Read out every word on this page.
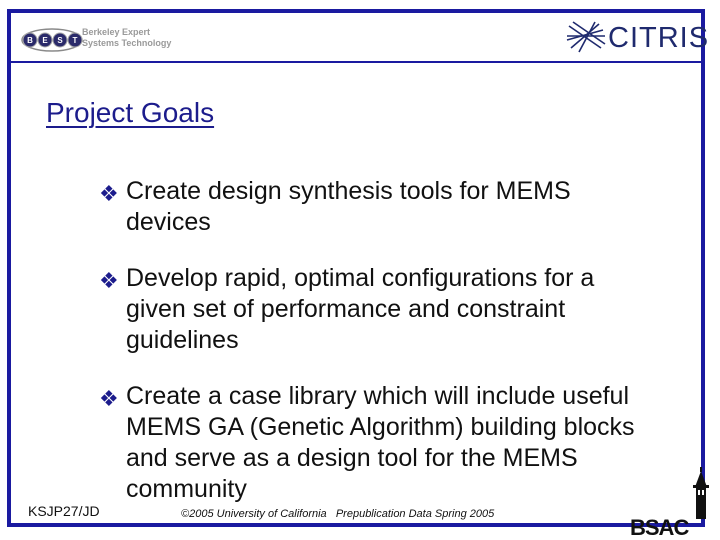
B E S T
Berkeley Expert
Systems Technology	CITRIS
Project Goals
❖ Create design synthesis tools for MEMS devices
❖ Develop rapid, optimal configurations for a given set of performance and constraint guidelines
❖ Create a case library which will include useful MEMS GA (Genetic Algorithm) building blocks and serve as a design tool for the MEMS community
KSJP27/JD	©2005 University of California   Prepublication Data Spring 2005
BSAC
